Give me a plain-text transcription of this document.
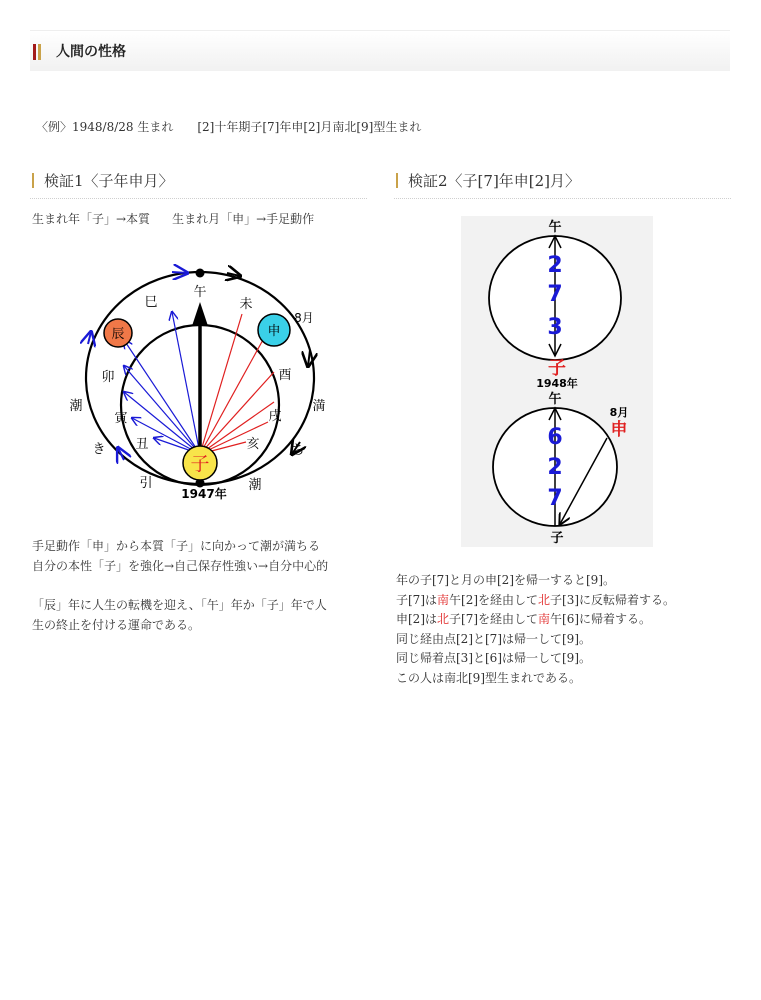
人間の性格
〈例〉1948/8/28 生まれ [2]十年期子[7]年申[2]月南北[9]型生まれ
検証1〈子年申月〉
生まれ年「子」→本質 生まれ月「申」→手足動作
午
未
申
8月
酉
戌
亥
子
丑
寅
卯
辰
巳
1947年
潮	満
ち
潮
引
き
手足動作「申」から本質「子」に向かって潮が満ちる
自分の本性「子」を強化→自己保存性強い→自分中心的
「辰」年に人生の転機を迎え、「午」年か「子」年で人
生の終止を付ける運命である。
検証2〈子[7]年申[2]月〉
午
2
7
3
子
1948年
午
8月
申
6
2
7
子
年の子[7]と月の申[2]を帰一すると[9]。
子[7]は南午[2]を経由して北子[3]に反転帰着する。
申[2]は北子[7]を経由して南午[6]に帰着する。
同じ経由点[2]と[7]は帰一して[9]。
同じ帰着点[3]と[6]は帰一して[9]。
この人は南北[9]型生まれである。
